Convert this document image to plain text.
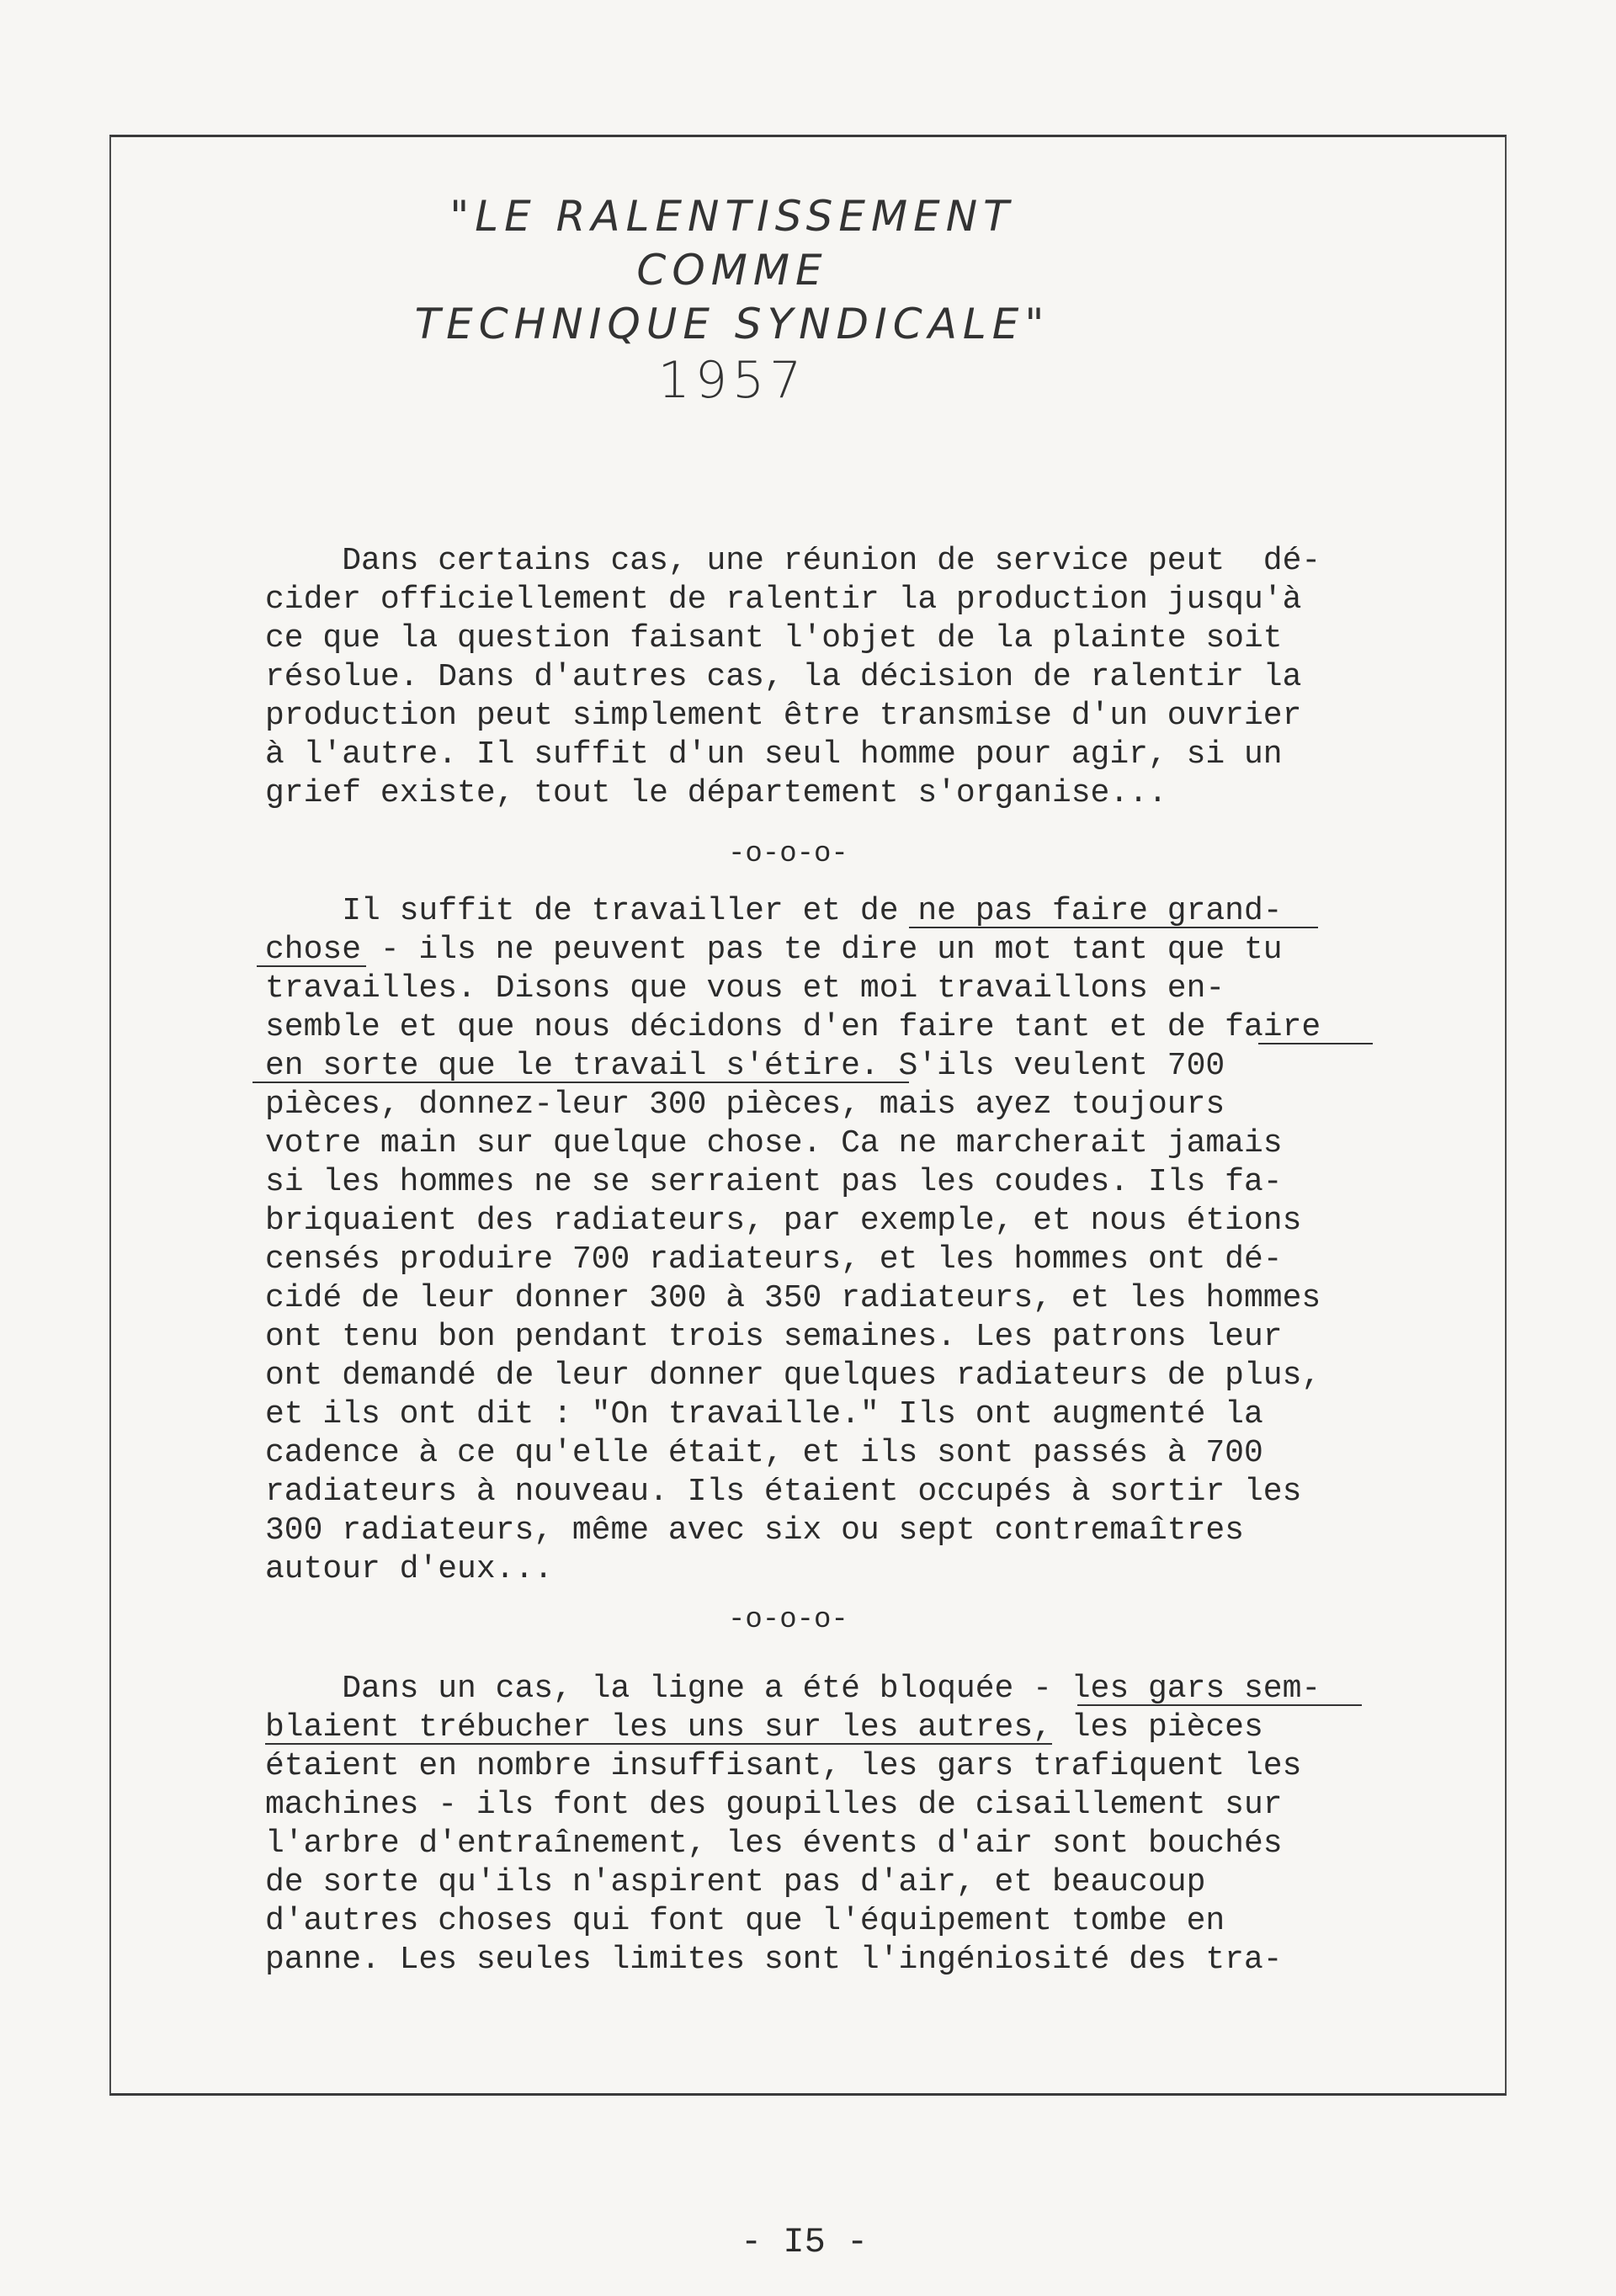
"LE RALENTISSEMENT
COMME
TECHNIQUE SYNDICALE"
1957
Dans certains cas, une réunion de service peut  dé-
cider officiellement de ralentir la production jusqu'à
ce que la question faisant l'objet de la plainte soit
résolue. Dans d'autres cas, la décision de ralentir la
production peut simplement être transmise d'un ouvrier
à l'autre. Il suffit d'un seul homme pour agir, si un
grief existe, tout le département s'organise...
-o-o-o-
Il suffit de travailler et de ne pas faire grand-
chose - ils ne peuvent pas te dire un mot tant que tu
travailles. Disons que vous et moi travaillons en-
semble et que nous décidons d'en faire tant et de faire
en sorte que le travail s'étire. S'ils veulent 700
pièces, donnez-leur 300 pièces, mais ayez toujours
votre main sur quelque chose. Ca ne marcherait jamais
si les hommes ne se serraient pas les coudes. Ils fa-
briquaient des radiateurs, par exemple, et nous étions
censés produire 700 radiateurs, et les hommes ont dé-
cidé de leur donner 300 à 350 radiateurs, et les hommes
ont tenu bon pendant trois semaines. Les patrons leur
ont demandé de leur donner quelques radiateurs de plus,
et ils ont dit : "On travaille." Ils ont augmenté la
cadence à ce qu'elle était, et ils sont passés à 700
radiateurs à nouveau. Ils étaient occupés à sortir les
300 radiateurs, même avec six ou sept contremaîtres
autour d'eux...
-o-o-o-
Dans un cas, la ligne a été bloquée - les gars sem-
blaient trébucher les uns sur les autres, les pièces
étaient en nombre insuffisant, les gars trafiquent les
machines - ils font des goupilles de cisaillement sur
l'arbre d'entraînement, les évents d'air sont bouchés
de sorte qu'ils n'aspirent pas d'air, et beaucoup
d'autres choses qui font que l'équipement tombe en
panne. Les seules limites sont l'ingéniosité des tra-
- I5 -
